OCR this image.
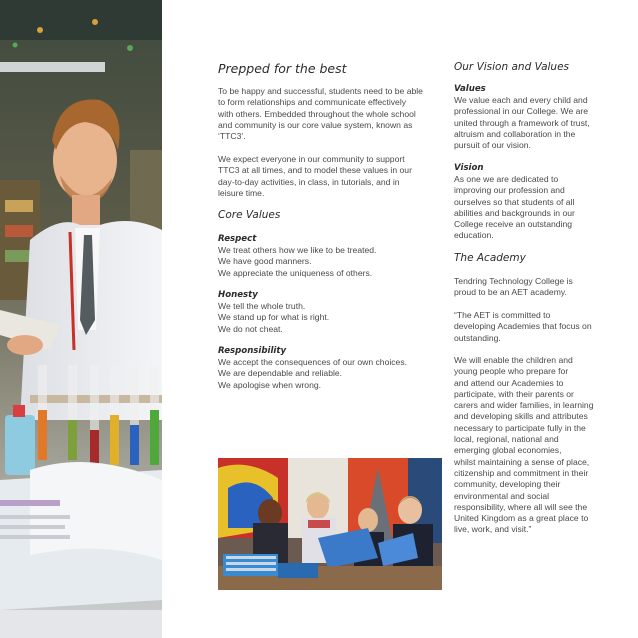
Prepped for the best

To be happy and successful, students need to be able
to form relationships and communicate effectively
with others. Embedded throughout the whole school
and community is our core value system, known as
‘TTC3’.

We expect everyone in our community to support
TTC3 at all times, and to model these values in our
day-to-day activities, in class, in tutorials, and in
leisure time.

Core Values
Respect

We treat others how we like to be treated.
We have good manners.
We appreciate the uniqueness of others.

Honesty

We tell the whole truth.
We stand up for what is right.
We do not cheat.

Responsibility

We accept the consequences of our own choices.
We are dependable and reliable.
We apologise when wrong.

Our Vision and Values
Values

We value each and every child and
professional in our College. We are
united through a framework of trust,
altruism and collaboration in the
pursuit of our vision.

Vision

As one we are dedicated to
improving our profession and
ourselves so that students of all
abilities and backgrounds in our
College receive an outstanding
education.

The Academy

Tendring Technology College is
proud to be an AET academy.

“The AET is committed to
developing Academies that focus on
outstanding.

We will enable the children and
young people who prepare for
and attend our Academies to
participate, with their parents or
carers and wider families, in learning
and developing skills and attributes
necessary to participate fully in the
local, regional, national and
emerging global economies,
whilst maintaining a sense of place,
citizenship and commitment in their
community, developing their
environmental and social
responsibility, where all will see the
United Kingdom as a great place to
live, work, and visit.”
